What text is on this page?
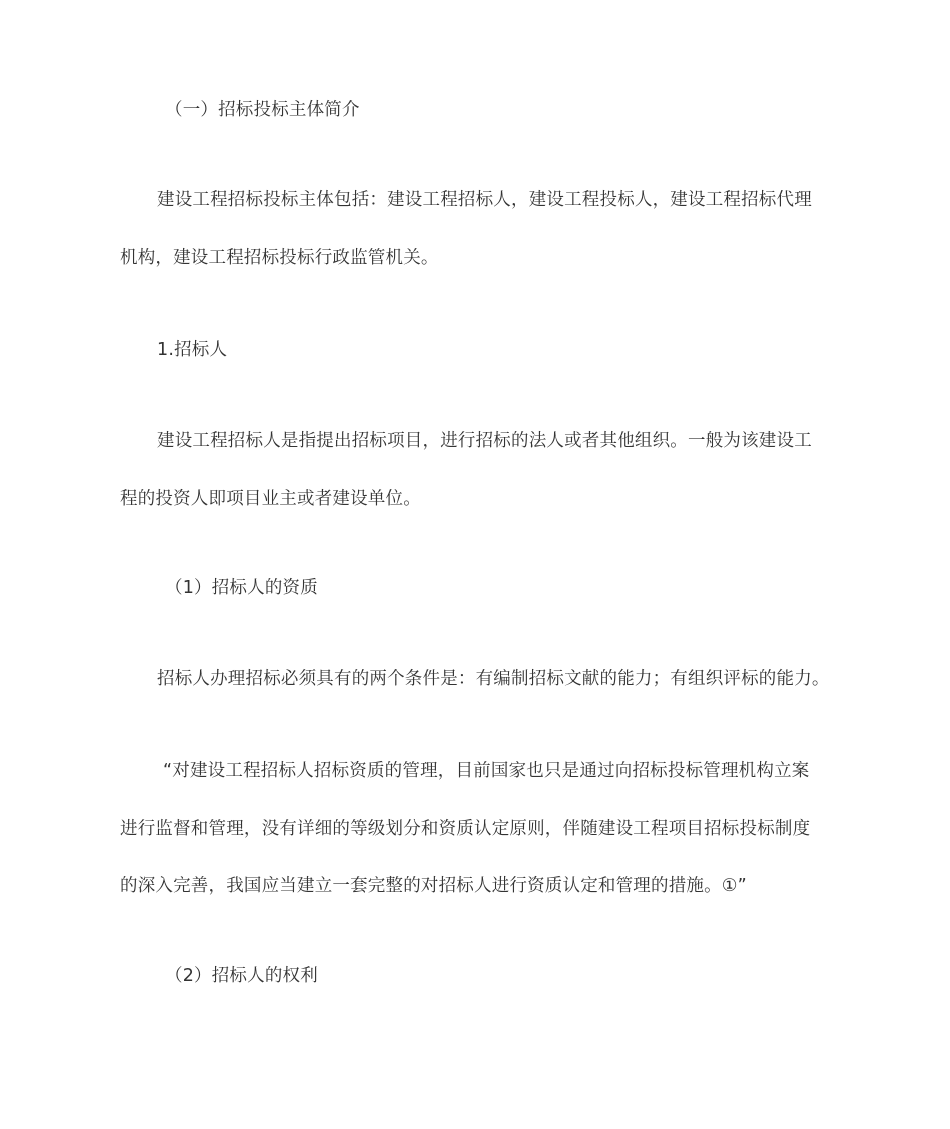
（一）招标投标主体简介
建设工程招标投标主体包括：建设工程招标人，建设工程投标人，建设工程招标代理
机构，建设工程招标投标行政监管机关。
1.招标人
建设工程招标人是指提出招标项目，进行招标的法人或者其他组织。一般为该建设工
程的投资人即项目业主或者建设单位。
（1）招标人的资质
招标人办理招标必须具有的两个条件是：有编制招标文献的能力；有组织评标的能力。
“对建设工程招标人招标资质的管理，目前国家也只是通过向招标投标管理机构立案
进行监督和管理，没有详细的等级划分和资质认定原则，伴随建设工程项目招标投标制度
的深入完善，我国应当建立一套完整的对招标人进行资质认定和管理的措施。①”
（2）招标人的权利
